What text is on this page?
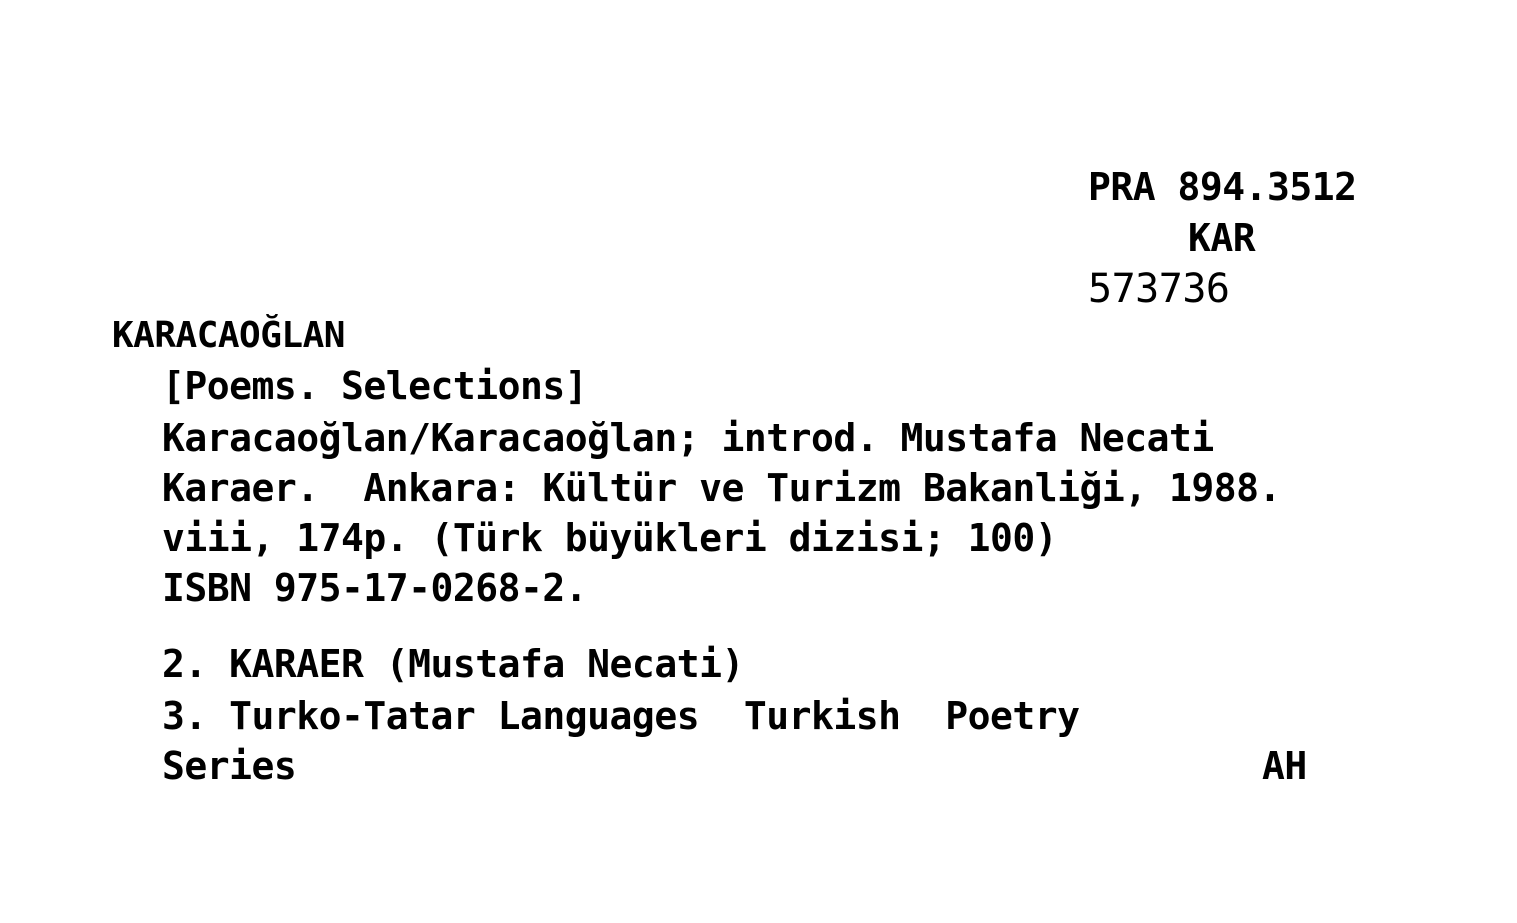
PRA 894.3512
KAR
573736
KARACAOĞLAN
[Poems. Selections]
Karacaoğlan/Karacaoğlan; introd. Mustafa Necati
Karaer.  Ankara: Kültür ve Turizm Bakanliği, 1988.
viii, 174p. (Türk büyükleri dizisi; 100)
ISBN 975-17-0268-2.
2. KARAER (Mustafa Necati)
3. Turko-Tatar Languages  Turkish  Poetry
Series	AH
